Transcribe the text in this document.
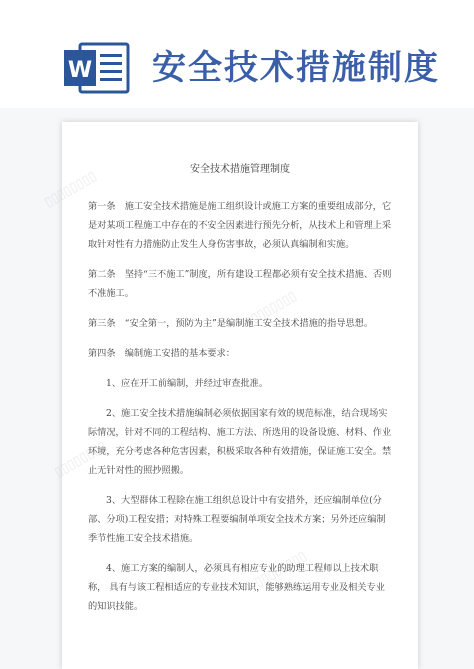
W 安全技术措施制度
▯▯▯▯▯▯▯▯
▯▯▯▯▯▯▯▯
▯▯▯▯▯▯▯▯
▯▯▯▯▯▯▯▯
安全技术措施管理制度

第一条　施工安全技术措施是施工组织设计或施工方案的重要组成部分，它是对某项工程施工中存在的不安全因素进行预先分析，从技术上和管理上采取针对性有力措施防止发生人身伤害事故，必须认真编制和实施。

第二条　坚持“三不施工”制度，所有建设工程都必须有安全技术措施、否则不准施工。

第三条　“安全第一，预防为主”是编制施工安全技术措施的指导思想。

第四条　编制施工安措的基本要求：

1、应在开工前编制，并经过审查批准。

2、施工安全技术措施编制必须依据国家有效的规范标准，结合现场实际情况，针对不同的工程结构、施工方法、所选用的设备设施、材料、作业环境，充分考虑各种危害因素，积极采取各种有效措施，保证施工安全。禁止无针对性的照抄照搬。

3、大型群体工程除在施工组织总设计中有安措外，还应编制单位(分部、分项)工程安措；对特殊工程要编制单项安全技术方案；另外还应编制季节性施工安全技术措施。

4、施工方案的编制人，必须具有相应专业的助理工程师以上技术职称， 具有与该工程相适应的专业技术知识，能够熟练运用专业及相关专业的知识技能。
